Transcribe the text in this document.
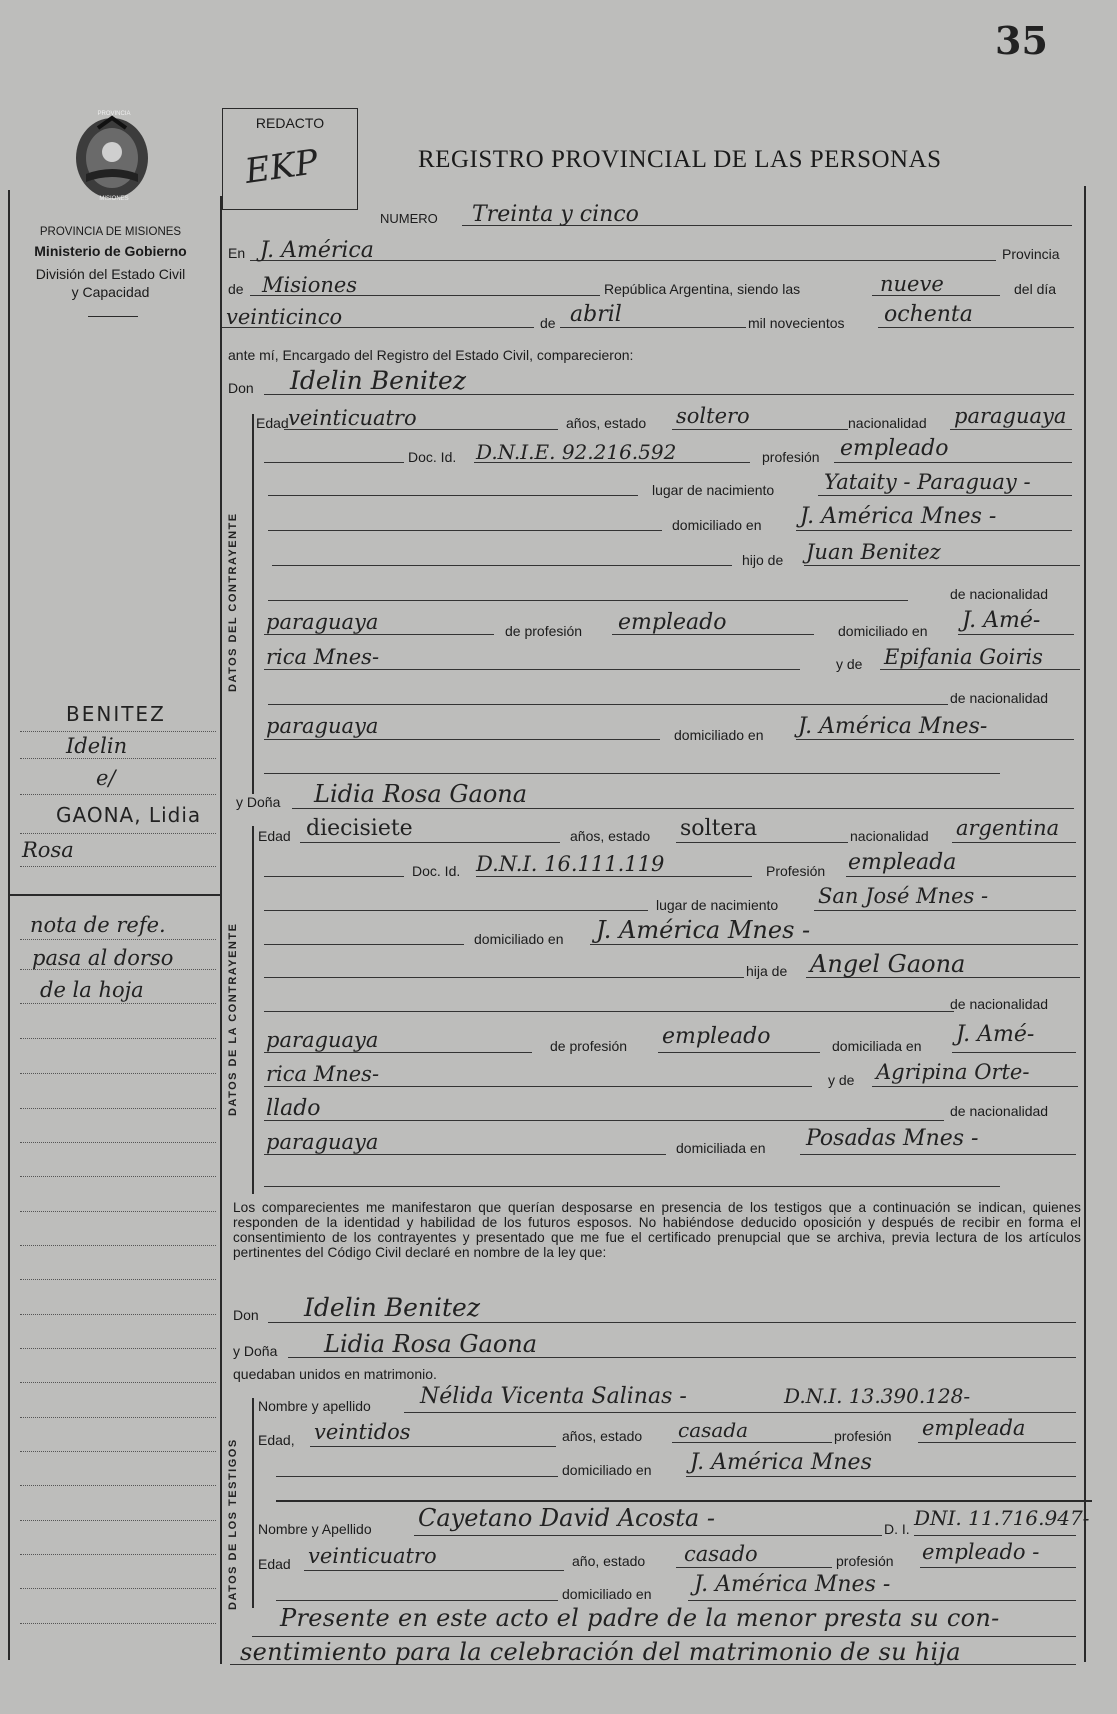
35
PROVINCIA
MISIONES
PROVINCIA DE MISIONES
Ministerio de Gobierno
División del Estado Civil
y Capacidad
REDACTO
EKP	REGISTRO PROVINCIAL DE LAS PERSONAS
BENITEZ
Idelin
e/
GAONA, Lidia
Rosa
nota de refe.
pasa al dorso
de la hoja
NUMERO Treinta y cinco
En J. América	Provincia
de Misiones	República Argentina, siendo las	nueve	del día
veinticinco	de abril	mil novecientos ochenta
ante mí, Encargado del Registro del Estado Civil, comparecieron:
Don Idelin Benitez
DATOS DEL CONTRAYENTE
Edad veinticuatro	años, estado soltero	nacionalidad paraguaya
Doc. Id. D.N.I.E. 92.216.592	profesión empleado
lugar de nacimiento Yataity - Paraguay -
domiciliado en J. América Mnes -
hijo de Juan Benitez
de nacionalidad
paraguaya	de profesión empleado	domiciliado en J. Amé-
rica Mnes-	y de Epifania Goiris
de nacionalidad
paraguaya	domiciliado en J. América Mnes-
y Doña Lidia Rosa Gaona
DATOS DE LA CONTRAYENTE
Edad diecisiete	años, estado soltera	nacionalidad argentina
Doc. Id. D.N.I. 16.111.119	Profesión empleada
lugar de nacimiento San José Mnes -
domiciliado en J. América Mnes -
hija de Angel Gaona
de nacionalidad
paraguaya	de profesión empleado	domiciliada en J. Amé-
rica Mnes-	y de Agripina Orte-
llado	de nacionalidad
paraguaya	domiciliada en Posadas Mnes -
Los comparecientes me manifestaron que querían desposarse en presencia de los testigos que a continuación se indican, quienes responden de la identidad y habilidad de los futuros esposos. No habiéndose deducido oposición y después de recibir en forma el consentimiento de los contrayentes y presentado que me fue el certificado prenupcial que se archiva, previa lectura de los artículos pertinentes del Código Civil declaré en nombre de la ley que:
Don Idelin Benitez
y Doña Lidia Rosa Gaona
quedaban unidos en matrimonio.
DATOS DE LOS TESTIGOS
Nombre y apellido Nélida Vicenta Salinas -	D.N.I. 13.390.128-
Edad, veintidos	años, estado casada	profesión empleada
domiciliado en J. América Mnes
Nombre y Apellido Cayetano David Acosta -	D. I. DNI. 11.716.947-
Edad veinticuatro	año, estado casado	profesión empleado -
domiciliado en J. América Mnes -
Presente en este acto el padre de la menor presta su con-
sentimiento para la celebración del matrimonio de su hija
